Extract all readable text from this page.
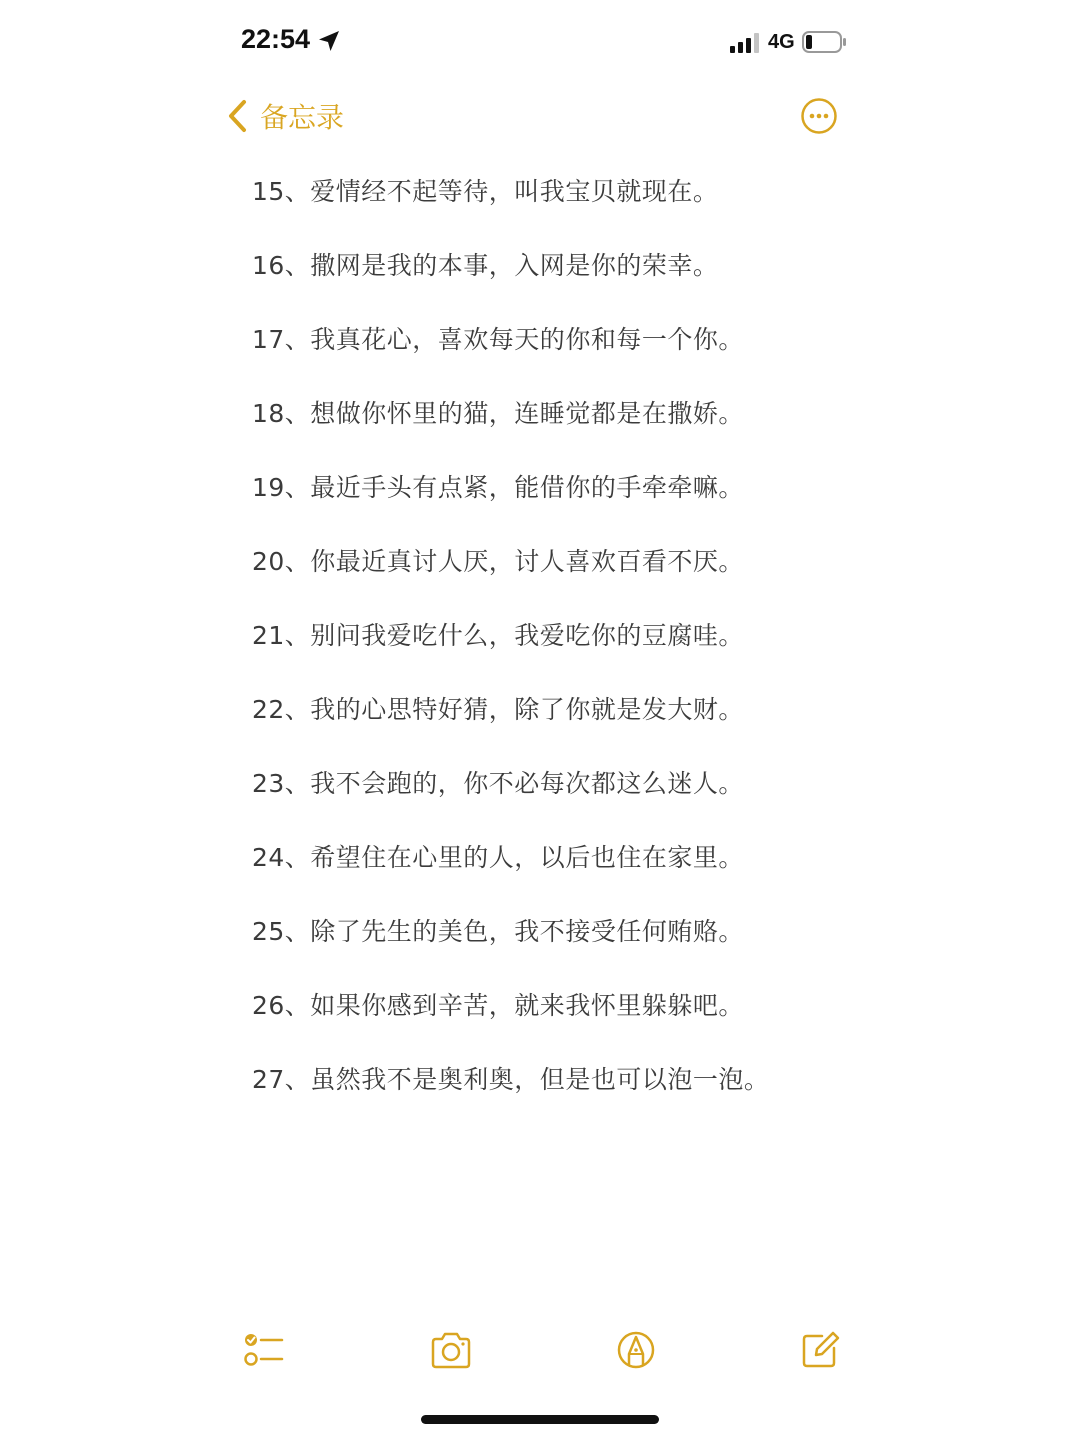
22:54	4G
备忘录
15、爱情经不起等待，叫我宝贝就现在。
16、撒网是我的本事，入网是你的荣幸。
17、我真花心，喜欢每天的你和每一个你。
18、想做你怀里的猫，连睡觉都是在撒娇。
19、最近手头有点紧，能借你的手牵牵嘛。
20、你最近真讨人厌，讨人喜欢百看不厌。
21、别问我爱吃什么，我爱吃你的豆腐哇。
22、我的心思特好猜，除了你就是发大财。
23、我不会跑的，你不必每次都这么迷人。
24、希望住在心里的人，以后也住在家里。
25、除了先生的美色，我不接受任何贿赂。
26、如果你感到辛苦，就来我怀里躲躲吧。
27、虽然我不是奥利奥，但是也可以泡一泡。
